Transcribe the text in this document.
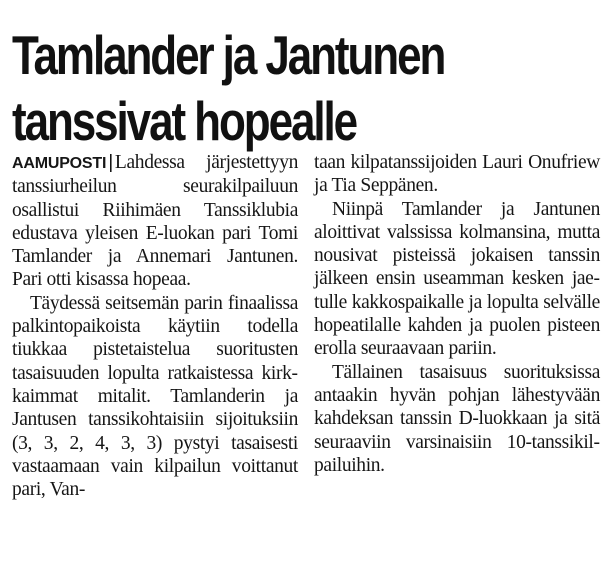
Tamlander ja Jantunen
tanssivat hopealle

AAMUPOSTI | Lahdessa järjestettyyn tanssiurheilun seurakilpailuun osallistui Riihimäen Tanssiklubia edustava yleisen E-luokan pari Tomi Tamlander ja Annemari Jantunen. Pari otti kisassa hopeaa.

Täydessä seitsemän parin finaalissa palkintopaikoista käytiin todella tiukkaa pistetaistelua suoritusten tasaisuuden lopulta ratkaistessa kirkkaimmat mitalit. Tamlanderin ja Jantusen tanssikohtaisiin sijoituksiin (3, 3, 2, 4, 3, 3) pystyi tasaisesti vastaamaan vain kilpailun voittanut pari, Van-

taan kilpatanssijoiden Lauri Onufriew ja Tia Seppänen.

Niinpä Tamlander ja Jantunen aloittivat valssissa kolmansina, mutta nousivat pisteissä jokaisen tanssin jälkeen ensin useamman kesken jaetulle kakkospaikalle ja lopulta selvälle hopeatilalle kahden ja puolen pisteen erolla seuraavaan pariin.

Tällainen tasaisuus suorituksissa antaakin hyvän pohjan lähestyvään kahdeksan tanssin D-luokkaan ja sitä seuraaviin varsinaisiin 10-tanssikilpailuihin.
